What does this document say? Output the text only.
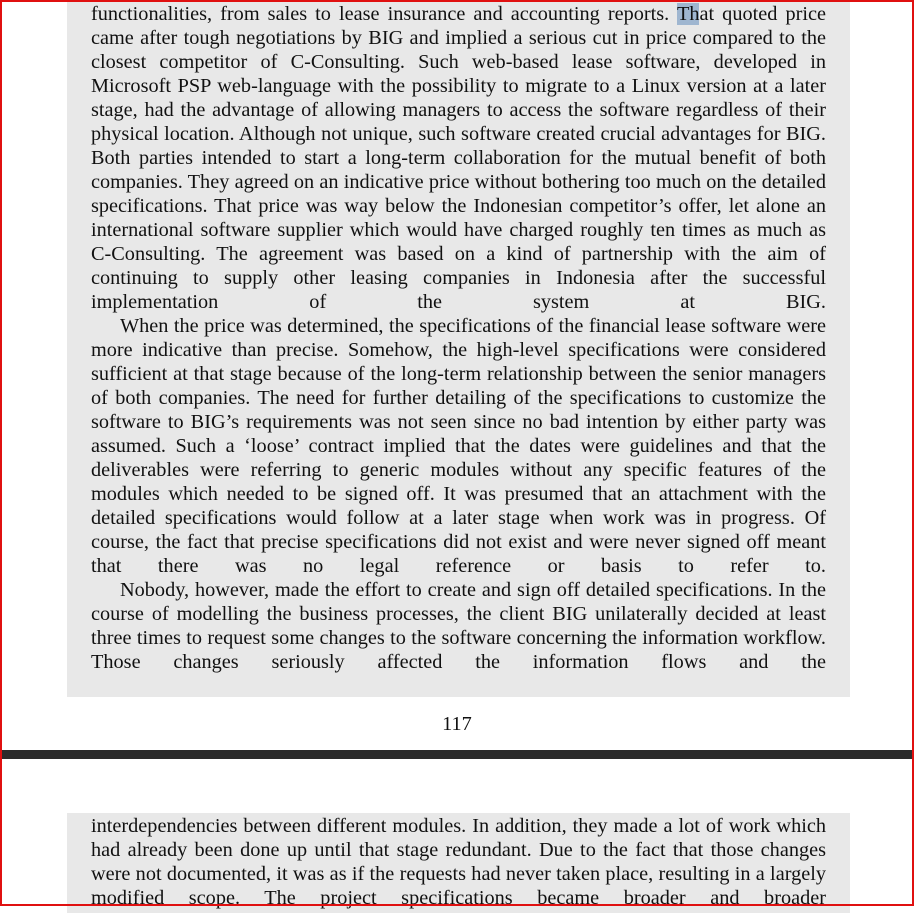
functionalities, from sales to lease insurance and accounting reports. That quoted price came after tough negotiations by BIG and implied a serious cut in price compared to the closest competitor of C-Consulting. Such web-based lease software, developed in Microsoft PSP web-language with the possibility to migrate to a Linux version at a later stage, had the advantage of allowing managers to access the software regardless of their physical location. Although not unique, such software created crucial advantages for BIG. Both parties intended to start a long-term collaboration for the mutual benefit of both companies. They agreed on an indicative price without bothering too much on the detailed specifications. That price was way below the Indonesian competitor’s offer, let alone an international software supplier which would have charged roughly ten times as much as C-Consulting. The agreement was based on a kind of partnership with the aim of continuing to supply other leasing companies in Indonesia after the successful implementation of the system at BIG.

When the price was determined, the specifications of the financial lease software were more indicative than precise. Somehow, the high-level specifications were considered sufficient at that stage because of the long-term relationship between the senior managers of both companies. The need for further detailing of the specifications to customize the software to BIG’s requirements was not seen since no bad intention by either party was assumed. Such a ‘loose’ contract implied that the dates were guidelines and that the deliverables were referring to generic modules without any specific features of the modules which needed to be signed off. It was presumed that an attachment with the detailed specifications would follow at a later stage when work was in progress. Of course, the fact that precise specifications did not exist and were never signed off meant that there was no legal reference or basis to refer to.

Nobody, however, made the effort to create and sign off detailed specifications. In the course of modelling the business processes, the client BIG unilaterally decided at least three times to request some changes to the software concerning the information workflow. Those changes seriously affected the information flows and the

117

interdependencies between different modules. In addition, they made a lot of work which had already been done up until that stage redundant. Due to the fact that those changes were not documented, it was as if the requests had never taken place, resulting in a largely modified scope. The project specifications became broader and broader
